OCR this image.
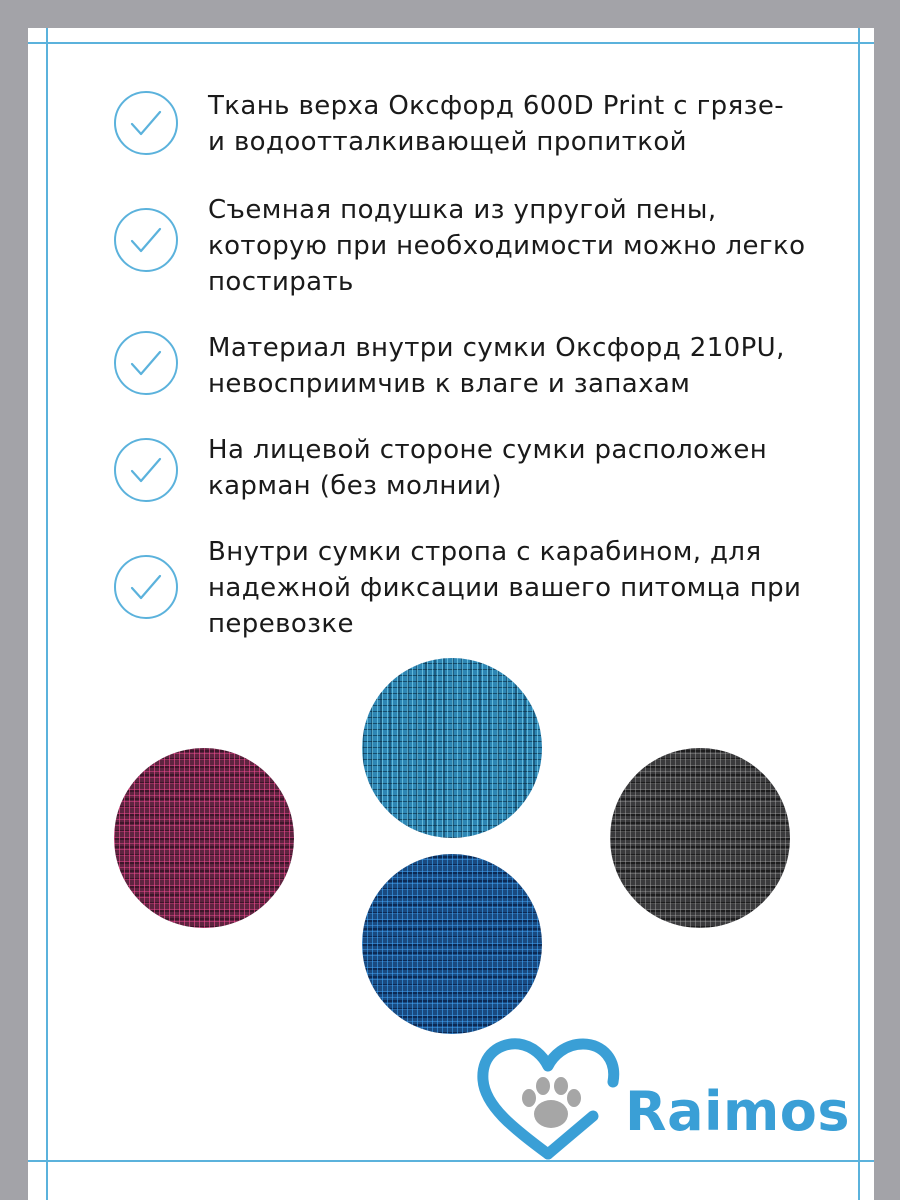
Ткань верха Оксфорд 600D Print с грязе-
и водоотталкивающей пропиткой
Съемная подушка из упругой пены,
которую при необходимости можно легко
постирать
Материал внутри сумки Оксфорд 210PU,
невосприимчив к влаге и запахам
На лицевой стороне сумки расположен
карман (без молнии)
Внутри сумки стропа с карабином, для
надежной фиксации вашего питомца при
перевозке
Raimos
